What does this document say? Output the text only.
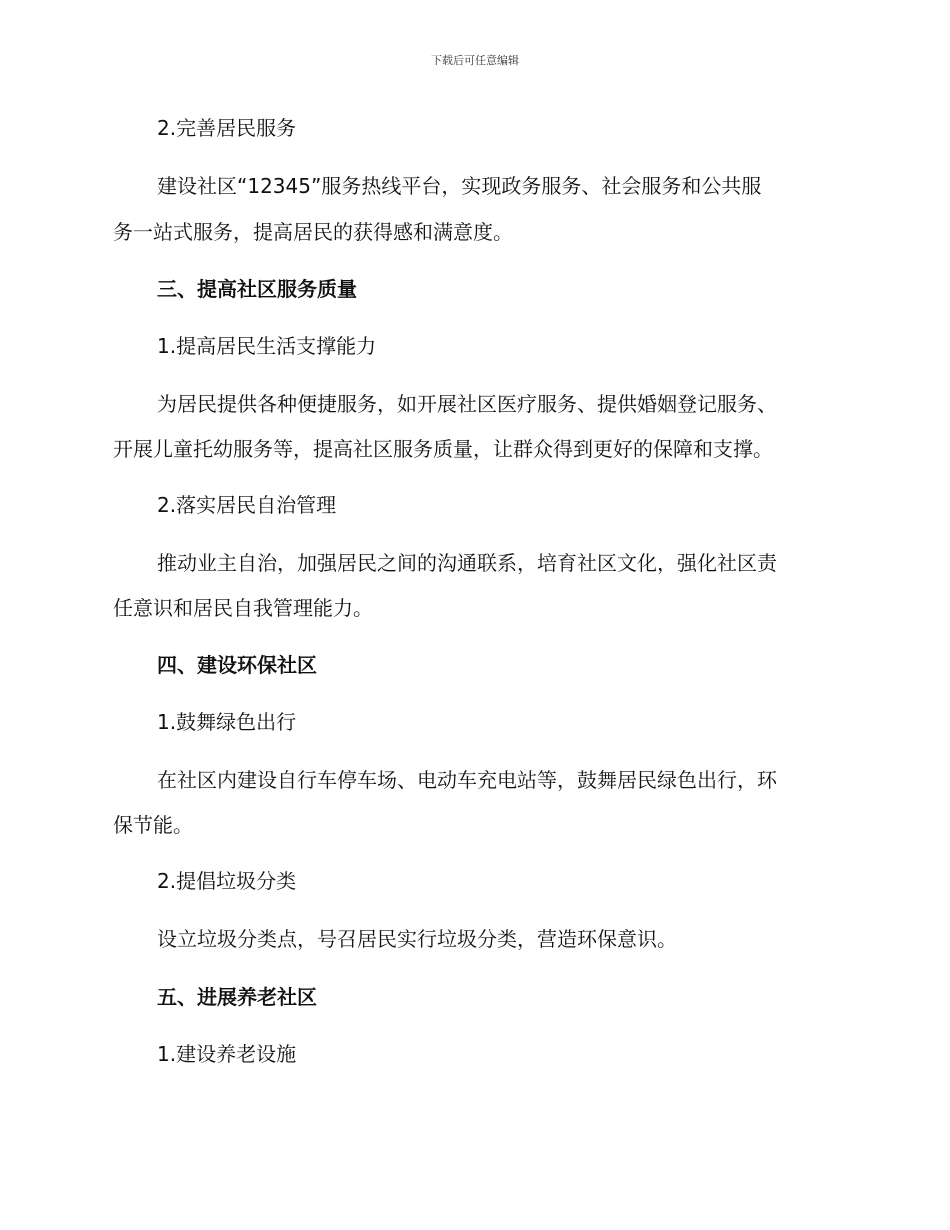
下载后可任意编辑
2.完善居民服务
建设社区“12345”服务热线平台，实现政务服务、社会服务和公共服
务一站式服务，提高居民的获得感和满意度。
三、提高社区服务质量
1.提高居民生活支撑能力
为居民提供各种便捷服务，如开展社区医疗服务、提供婚姻登记服务、
开展儿童托幼服务等，提高社区服务质量，让群众得到更好的保障和支撑。
2.落实居民自治管理
推动业主自治，加强居民之间的沟通联系，培育社区文化，强化社区责
任意识和居民自我管理能力。
四、建设环保社区
1.鼓舞绿色出行
在社区内建设自行车停车场、电动车充电站等，鼓舞居民绿色出行，环
保节能。
2.提倡垃圾分类
设立垃圾分类点，号召居民实行垃圾分类，营造环保意识。
五、进展养老社区
1.建设养老设施
